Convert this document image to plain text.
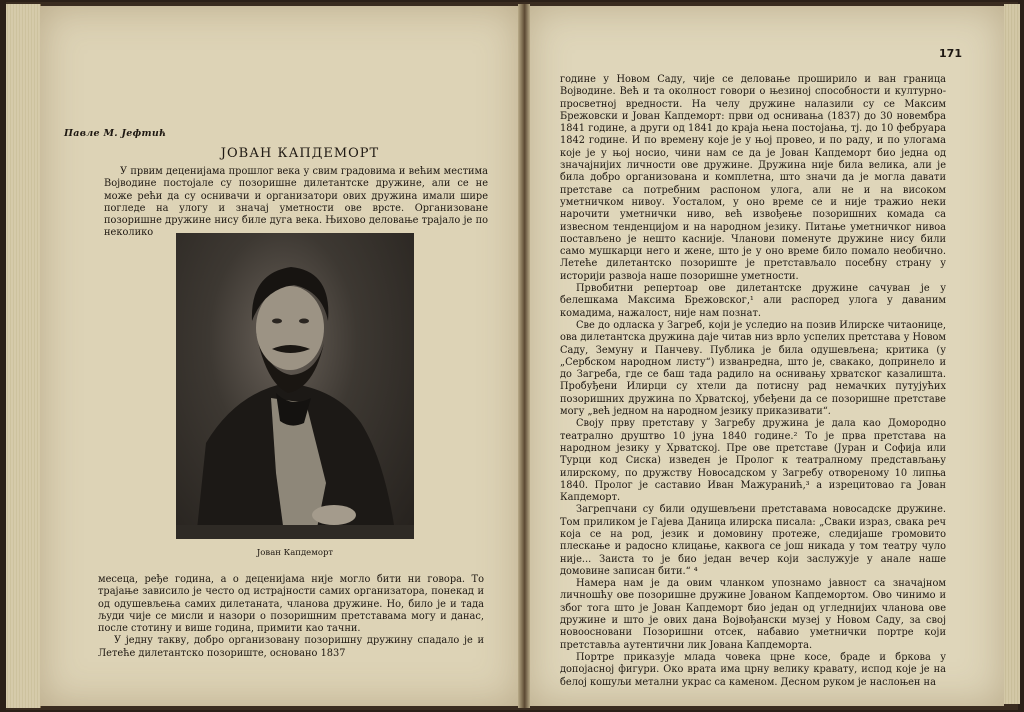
Павле М. Јефтић
ЈОВАН КАПДЕМОРТ

У првим деценијама прошлог века у свим градовима и већим местима Војводине постојале су позоришне дилетантске дружине, али се не може рећи да су оснивачи и организатори ових дружина имали шире погледе на улогу и значај уметности ове врсте. Организоване позоришне дружине нису биле дуга века. Њихово деловање трајало је по неколико

Јован Капдеморт

месеца, ређе година, а о деценијама није могло бити ни говора. То трајање зависило је често од истрајности самих организатора, понекад и од одушевљења самих дилетаната, чланова дружине. Но, било је и тада људи чије се мисли и назори о позоришним претставама могу и данас, после стотину и више година, примити као тачни.

У једну такву, добро организовану позоришну дружину спадало је и Летеће дилетантско позориште, основано 1837

171

године у Новом Саду, чије се деловање проширило и ван граница Војводине. Већ и та околност говори о њезиној способности и културно-просветној вредности. На челу дружине налазили су се Максим Брежовски и Јован Капдеморт: први од оснивања (1837) до 30 новембра 1841 године, а други од 1841 до краја њена постојања, тј. до 10 фебруара 1842 године. И по времену које је у њој провео, и по раду, и по улогама које је у њој носио, чини нам се да је Јован Капдеморт био једна од значајнијих личности ове дружине. Дружина није била велика, али је била добро организована и комплетна, што значи да је могла давати претставе са потребним распоном улога, али не и на високом уметничком нивоу. Уосталом, у оно време се и није тражио неки нарочити уметнички ниво, већ извођење позоришних комада са извесном тенденцијом и на народном језику. Питање уметничког нивоа постављено је нешто касније. Чланови поменуте дружине нису били само мушкарци него и жене, што је у оно време било помало необично. Летеће дилетантско позориште је претстављало посебну страну у историји развоја наше позоришне уметности.

Првобитни репертоар ове дилетантске дружине сачуван је у белешкама Максима Брежовског,¹ али распоред улога у даваним комадима, нажалост, није нам познат.

Све до одласка у Загреб, који је уследио на позив Илирске читаонице, ова дилетантска дружина даје читав низ врло успелих претстава у Новом Саду, Земуну и Панчеву. Публика је била одушевљена; критика (у „Сербском народном листу“) изванредна, што је, свакако, допринело и до Загреба, где се баш тада радило на оснивању хрватског казалишта. Пробуђени Илирци су хтели да потисну рад немачких путујућих позоришних дружина по Хрватској, убеђени да се позоришне претставе могу „већ једном на народном језику приказивати“.

Своју прву претставу у Загребу дружина је дала као Домородно театрално друштво 10 јуна 1840 године.² То је прва претстава на народном језику у Хрватској. Пре ове претставе (Јуран и Софија или Турци код Сиска) изведен је Пролог к театралному представљању илирскому, по дружству Новосадском у Загребу отвореному 10 липња 1840. Пролог је саставио Иван Мажуранић,³ а изрецитовао га Јован Капдеморт.

Загрепчани су били одушевљени претставама новосадске дружине. Том приликом је Гајева Даница илирска писала: „Сваки израз, свака реч која се на род, језик и домовину протеже, следијаше громовито плескање и радосно клицање, каквога се још никада у том театру чуло није... Заиста то је био један вечер који заслужује у анале наше домовине записан бити.“ ⁴

Намера нам је да овим чланком упознамо јавност са значајном личношћу ове позоришне дружине Јованом Капдемортом. Ово чинимо и због тога што је Јован Капдеморт био један од угледнијих чланова ове дружине и што је ових дана Војвођански музеј у Новом Саду, за свој новоосновани Позоришни отсек, набавио уметнички портре који претставља аутентични лик Јована Капдеморта.

Портре приказује млада човека црне косе, браде и бркова у допојасној фигури. Око врата има црну велику кравату, испод које је на белој кошуљи метални украс са каменом. Десном руком је наслоњен на
